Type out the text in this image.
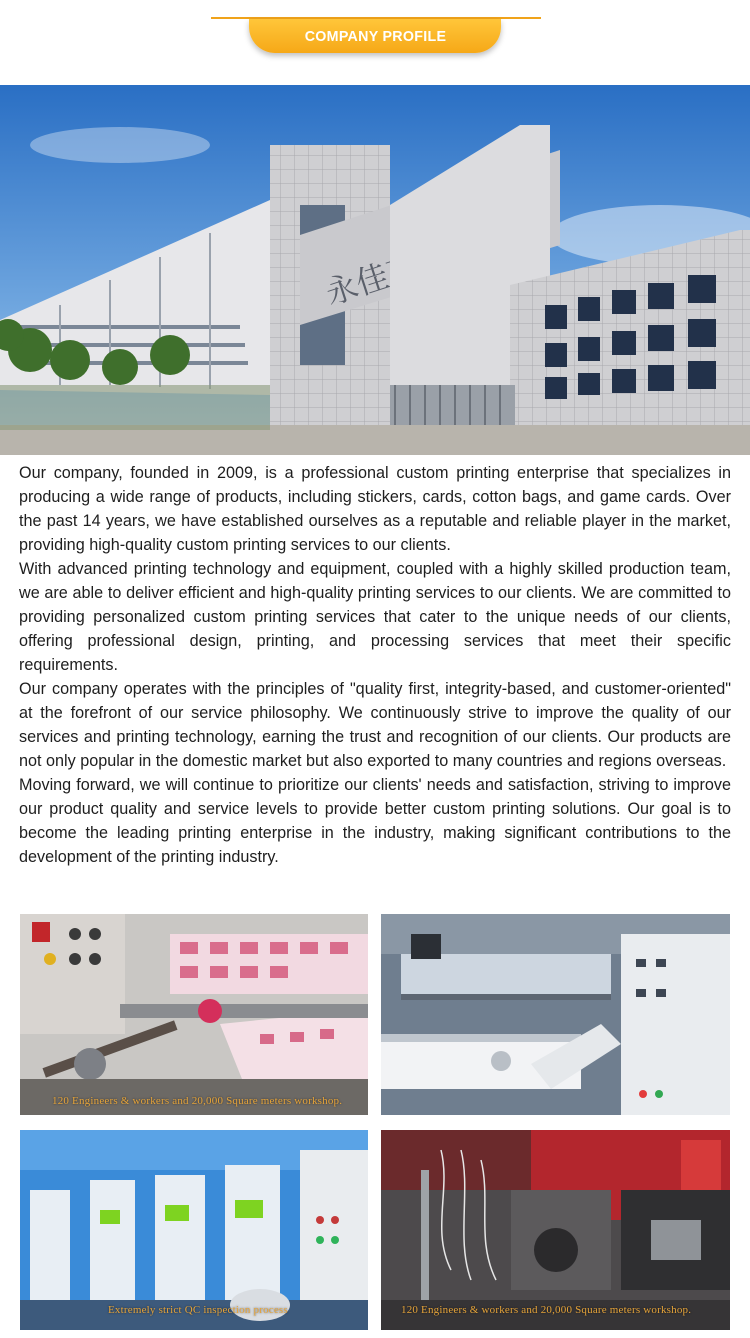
COMPANY PROFILE

Our company, founded in 2009, is a professional custom printing enterprise that specializes in producing a wide range of products, including stickers, cards, cotton bags, and game cards. Over the past 14 years, we have established ourselves as a reputable and reliable player in the market, providing high-quality custom printing services to our clients.

With advanced printing technology and equipment, coupled with a highly skilled production team, we are able to deliver efficient and high-quality printing services to our clients. We are committed to providing personalized custom printing services that cater to the unique needs of our clients, offering professional design, printing, and processing services that meet their specific requirements.

Our company operates with the principles of "quality first, integrity-based, and customer-oriented" at the forefront of our service philosophy. We continuously strive to improve the quality of our services and printing technology, earning the trust and recognition of our clients. Our products are not only popular in the domestic market but also exported to many countries and regions overseas.

Moving forward, we will continue to prioritize our clients' needs and satisfaction, striving to improve our product quality and service levels to provide better custom printing solutions. Our goal is to become the leading printing enterprise in the industry, making significant contributions to the development of the printing industry.

120 Engineers & workers and 20,000 Square meters workshop.
Extremely strict QC inspection process	120 Engineers & workers and 20,000 Square meters workshop.
